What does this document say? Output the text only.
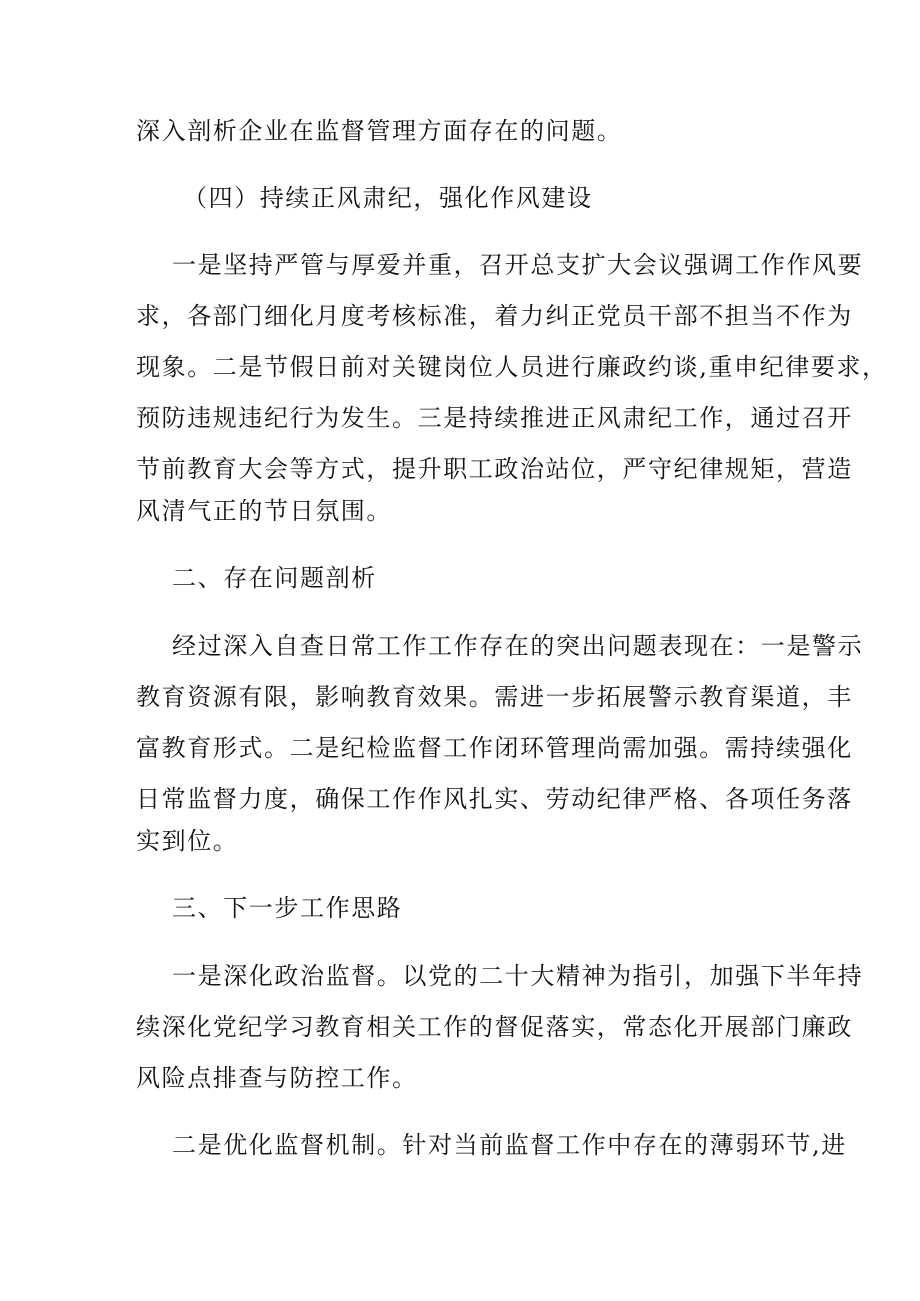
深入剖析企业在监督管理方面存在的问题。
（四）持续正风肃纪，强化作风建设
一是坚持严管与厚爱并重，召开总支扩大会议强调工作作风要
求，各部门细化月度考核标准，着力纠正党员干部不担当不作为
现象。二是节假日前对关键岗位人员进行廉政约谈,重申纪律要求，
预防违规违纪行为发生。三是持续推进正风肃纪工作，通过召开
节前教育大会等方式，提升职工政治站位，严守纪律规矩，营造
风清气正的节日氛围。
二、存在问题剖析
经过深入自查日常工作工作存在的突出问题表现在：一是警示
教育资源有限，影响教育效果。需进一步拓展警示教育渠道，丰
富教育形式。二是纪检监督工作闭环管理尚需加强。需持续强化
日常监督力度，确保工作作风扎实、劳动纪律严格、各项任务落
实到位。
三、下一步工作思路
一是深化政治监督。以党的二十大精神为指引，加强下半年持
续深化党纪学习教育相关工作的督促落实，常态化开展部门廉政
风险点排查与防控工作。
二是优化监督机制。针对当前监督工作中存在的薄弱环节,进
